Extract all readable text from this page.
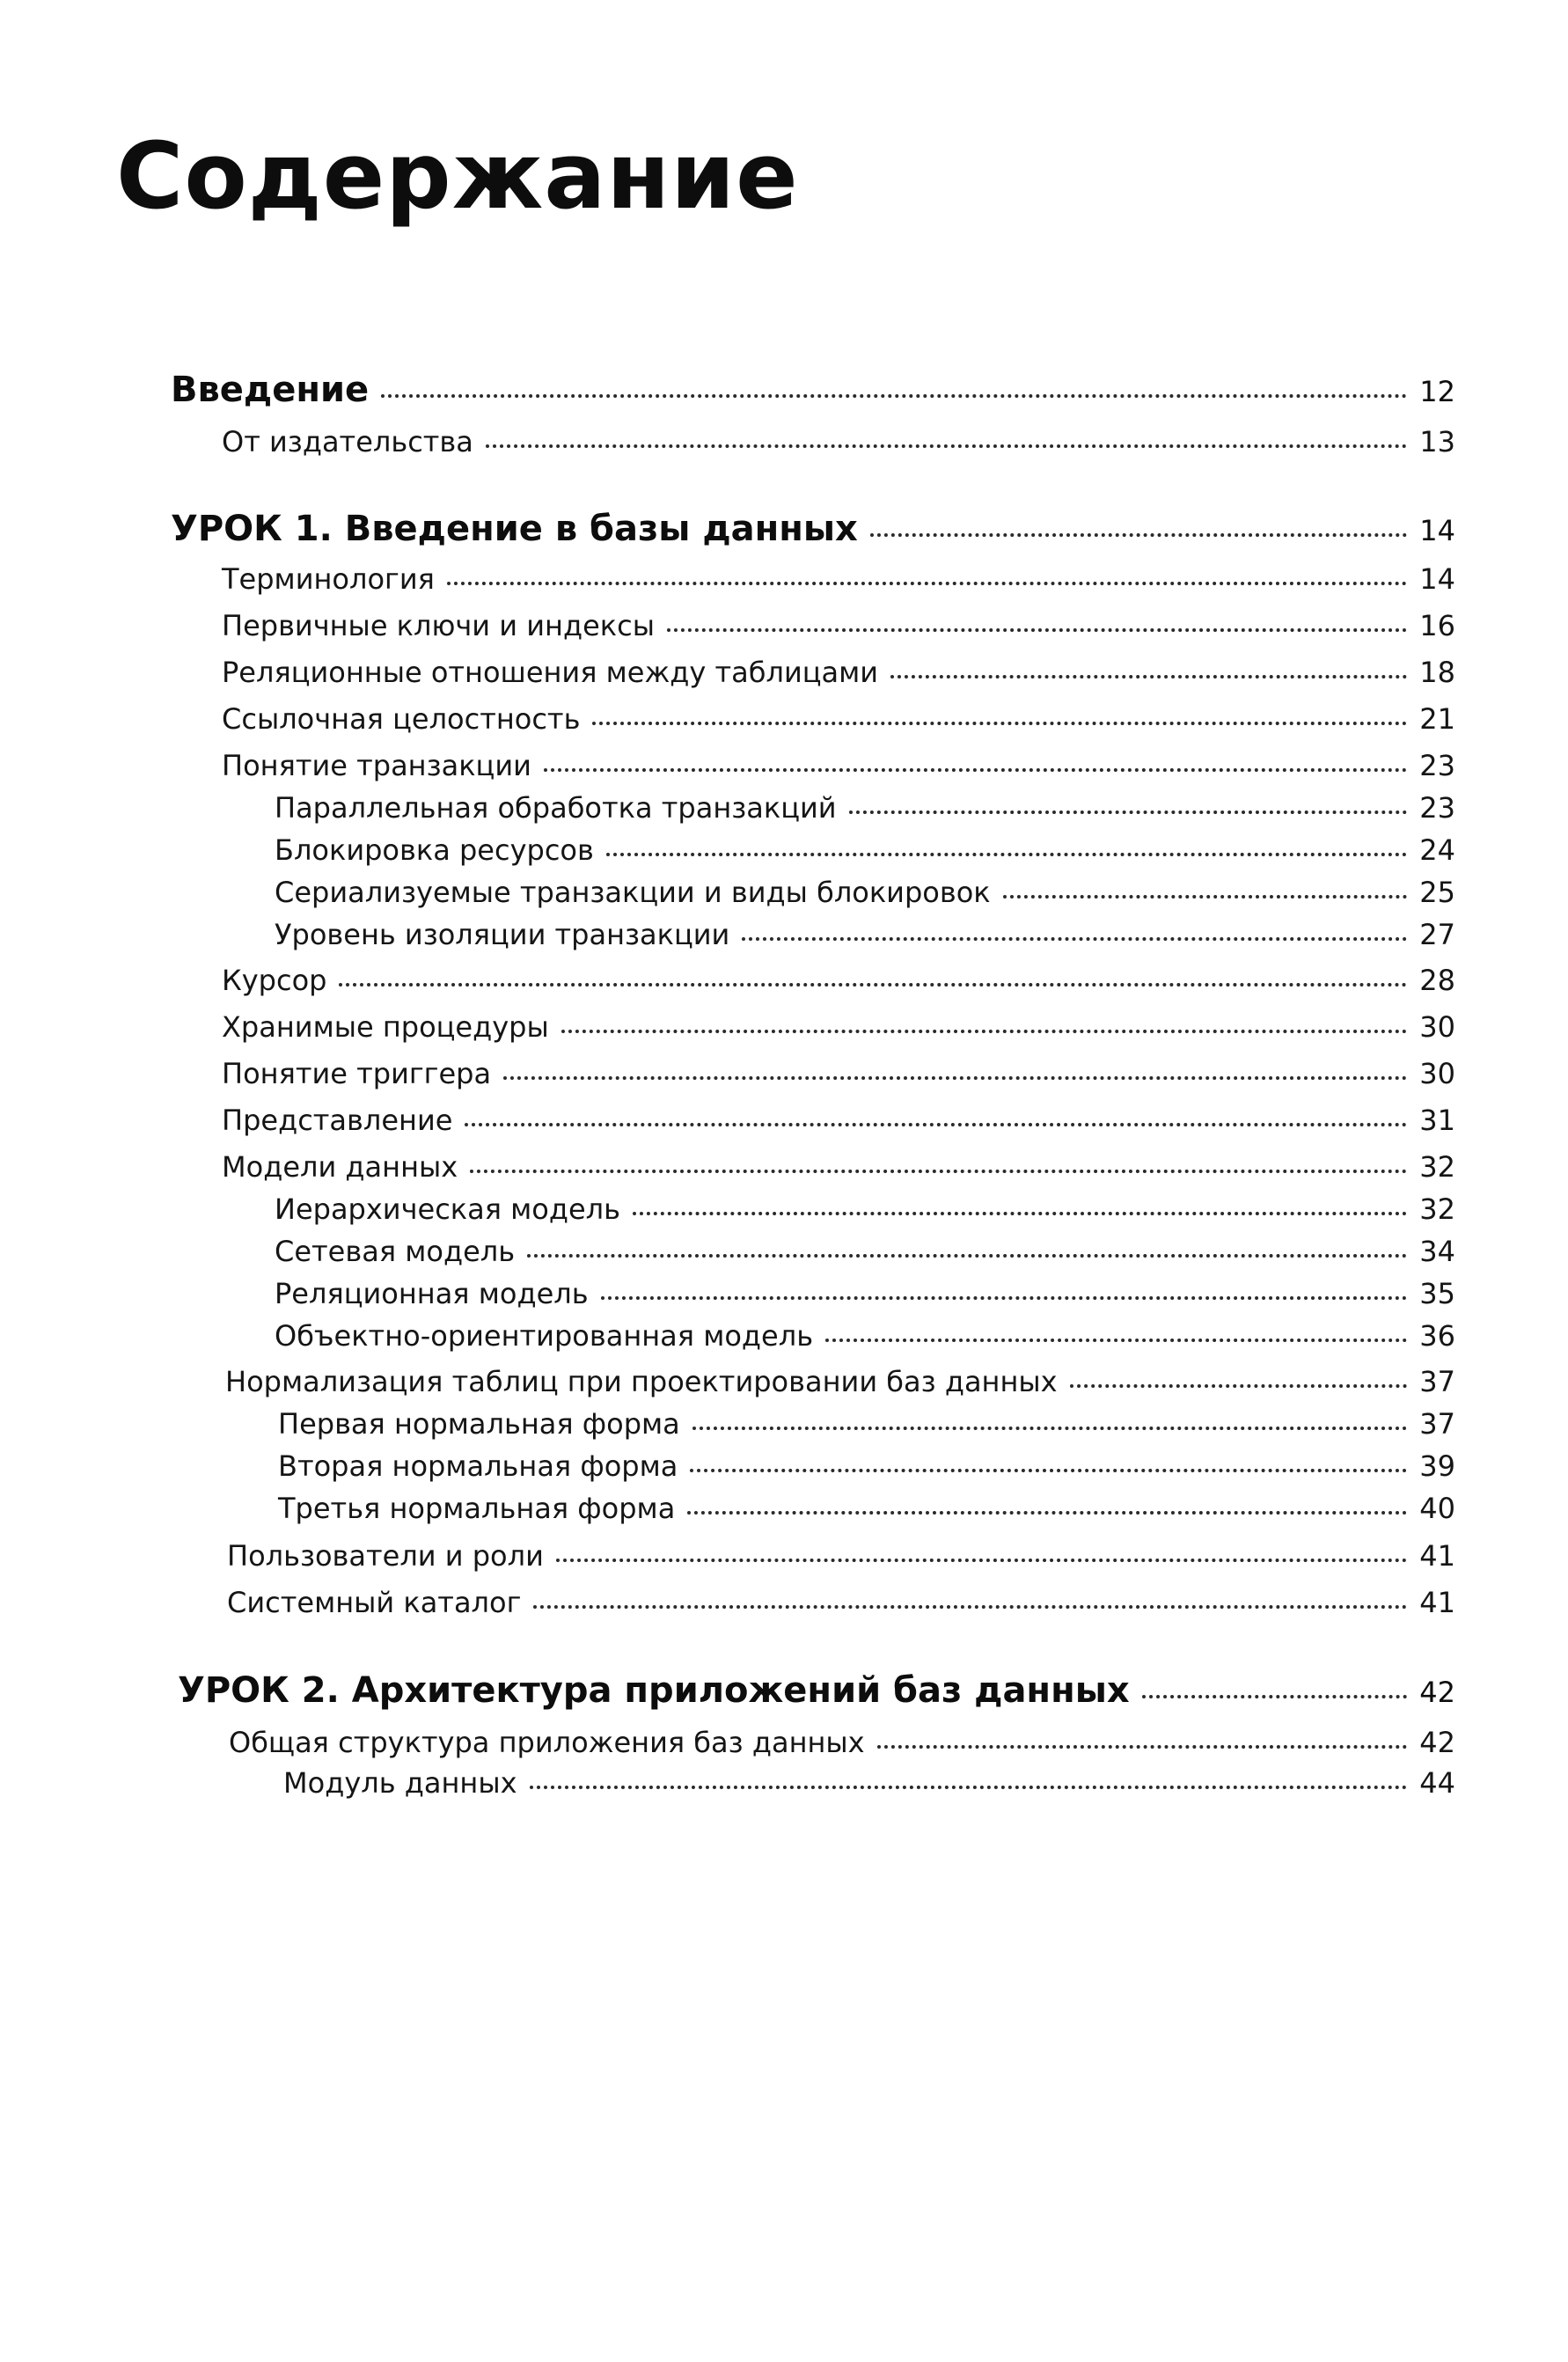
Содержание
Введение	12
От издательства	13
УРОК 1. Введение в базы данных	14
Терминология	14
Первичные ключи и индексы	16
Реляционные отношения между таблицами	18
Ссылочная целостность	21
Понятие транзакции	23
Параллельная обработка транзакций	23
Блокировка ресурсов	24
Сериализуемые транзакции и виды блокировок	25
Уровень изоляции транзакции	27
Курсор	28
Хранимые процедуры	30
Понятие триггера	30
Представление	31
Модели данных	32
Иерархическая модель	32
Сетевая модель	34
Реляционная модель	35
Объектно-ориентированная модель	36
Нормализация таблиц при проектировании баз данных	37
Первая нормальная форма	37
Вторая нормальная форма	39
Третья нормальная форма	40
Пользователи и роли	41
Системный каталог	41
УРОК 2. Архитектура приложений баз данных	42
Общая структура приложения баз данных	42
Модуль данных	44
